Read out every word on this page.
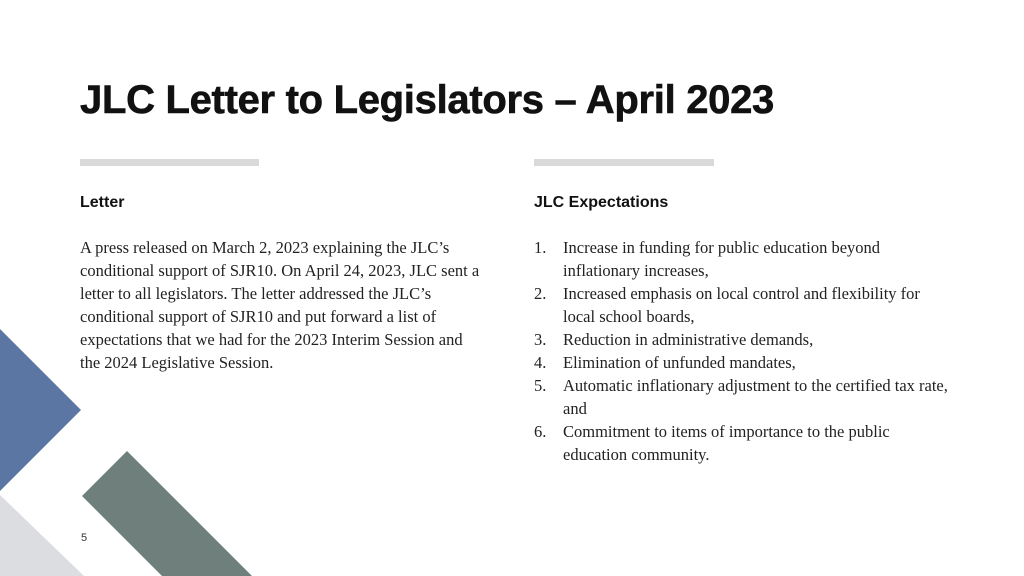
JLC Letter to Legislators – April 2023
Letter	JLC Expectations
A press released on March 2, 2023 explaining the JLC’s conditional support of SJR10. On April 24, 2023, JLC sent a letter to all legislators. The letter addressed the JLC’s conditional support of SJR10 and put forward a list of expectations that we had for the 2023 Interim Session and the 2024 Legislative Session.
1. Increase in funding for public education beyond inflationary increases,
2. Increased emphasis on local control and flexibility for local school boards,
3. Reduction in administrative demands,
4. Elimination of unfunded mandates,
5. Automatic inflationary adjustment to the certified tax rate, and
6. Commitment to items of importance to the public education community.
5
